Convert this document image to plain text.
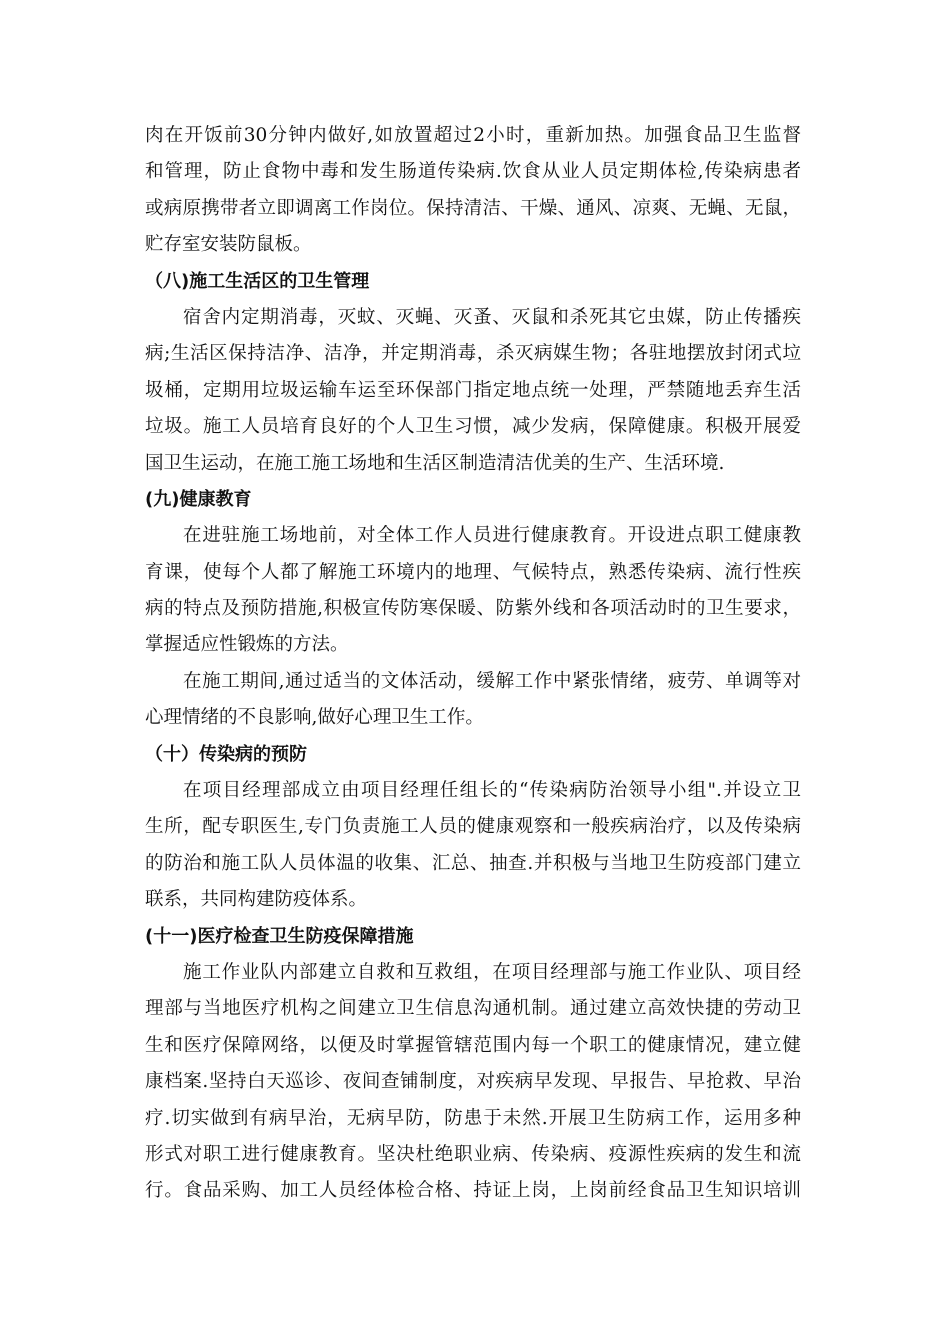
肉在开饭前30分钟内做好,如放置超过2小时，重新加热。加强食品卫生监督
和管理，防止食物中毒和发生肠道传染病.饮食从业人员定期体检,传染病患者
或病原携带者立即调离工作岗位。保持清洁、干燥、通风、凉爽、无蝇、无鼠，
贮存室安装防鼠板。
（八)施工生活区的卫生管理
宿舍内定期消毒，灭蚊、灭蝇、灭蚤、灭鼠和杀死其它虫媒，防止传播疾
病;生活区保持洁净、洁净，并定期消毒，杀灭病媒生物；各驻地摆放封闭式垃
圾桶，定期用垃圾运输车运至环保部门指定地点统一处理，严禁随地丢弃生活
垃圾。施工人员培育良好的个人卫生习惯，减少发病，保障健康。积极开展爱
国卫生运动，在施工施工场地和生活区制造清洁优美的生产、生活环境.
(九)健康教育
在进驻施工场地前，对全体工作人员进行健康教育。开设进点职工健康教
育课，使每个人都了解施工环境内的地理、气候特点，熟悉传染病、流行性疾
病的特点及预防措施,积极宣传防寒保暖、防紫外线和各项活动时的卫生要求，
掌握适应性锻炼的方法。
在施工期间,通过适当的文体活动，缓解工作中紧张情绪，疲劳、单调等对
心理情绪的不良影响,做好心理卫生工作。
（十）传染病的预防
在项目经理部成立由项目经理任组长的“传染病防治领导小组".并设立卫
生所，配专职医生,专门负责施工人员的健康观察和一般疾病治疗，以及传染病
的防治和施工队人员体温的收集、汇总、抽查.并积极与当地卫生防疫部门建立
联系，共同构建防疫体系。
(十一)医疗检查卫生防疫保障措施
施工作业队内部建立自救和互救组，在项目经理部与施工作业队、项目经
理部与当地医疗机构之间建立卫生信息沟通机制。通过建立高效快捷的劳动卫
生和医疗保障网络，以便及时掌握管辖范围内每一个职工的健康情况，建立健
康档案.坚持白天巡诊、夜间查铺制度，对疾病早发现、早报告、早抢救、早治
疗.切实做到有病早治，无病早防，防患于未然.开展卫生防病工作，运用多种
形式对职工进行健康教育。坚决杜绝职业病、传染病、疫源性疾病的发生和流
行。食品采购、加工人员经体检合格、持证上岗，上岗前经食品卫生知识培训
